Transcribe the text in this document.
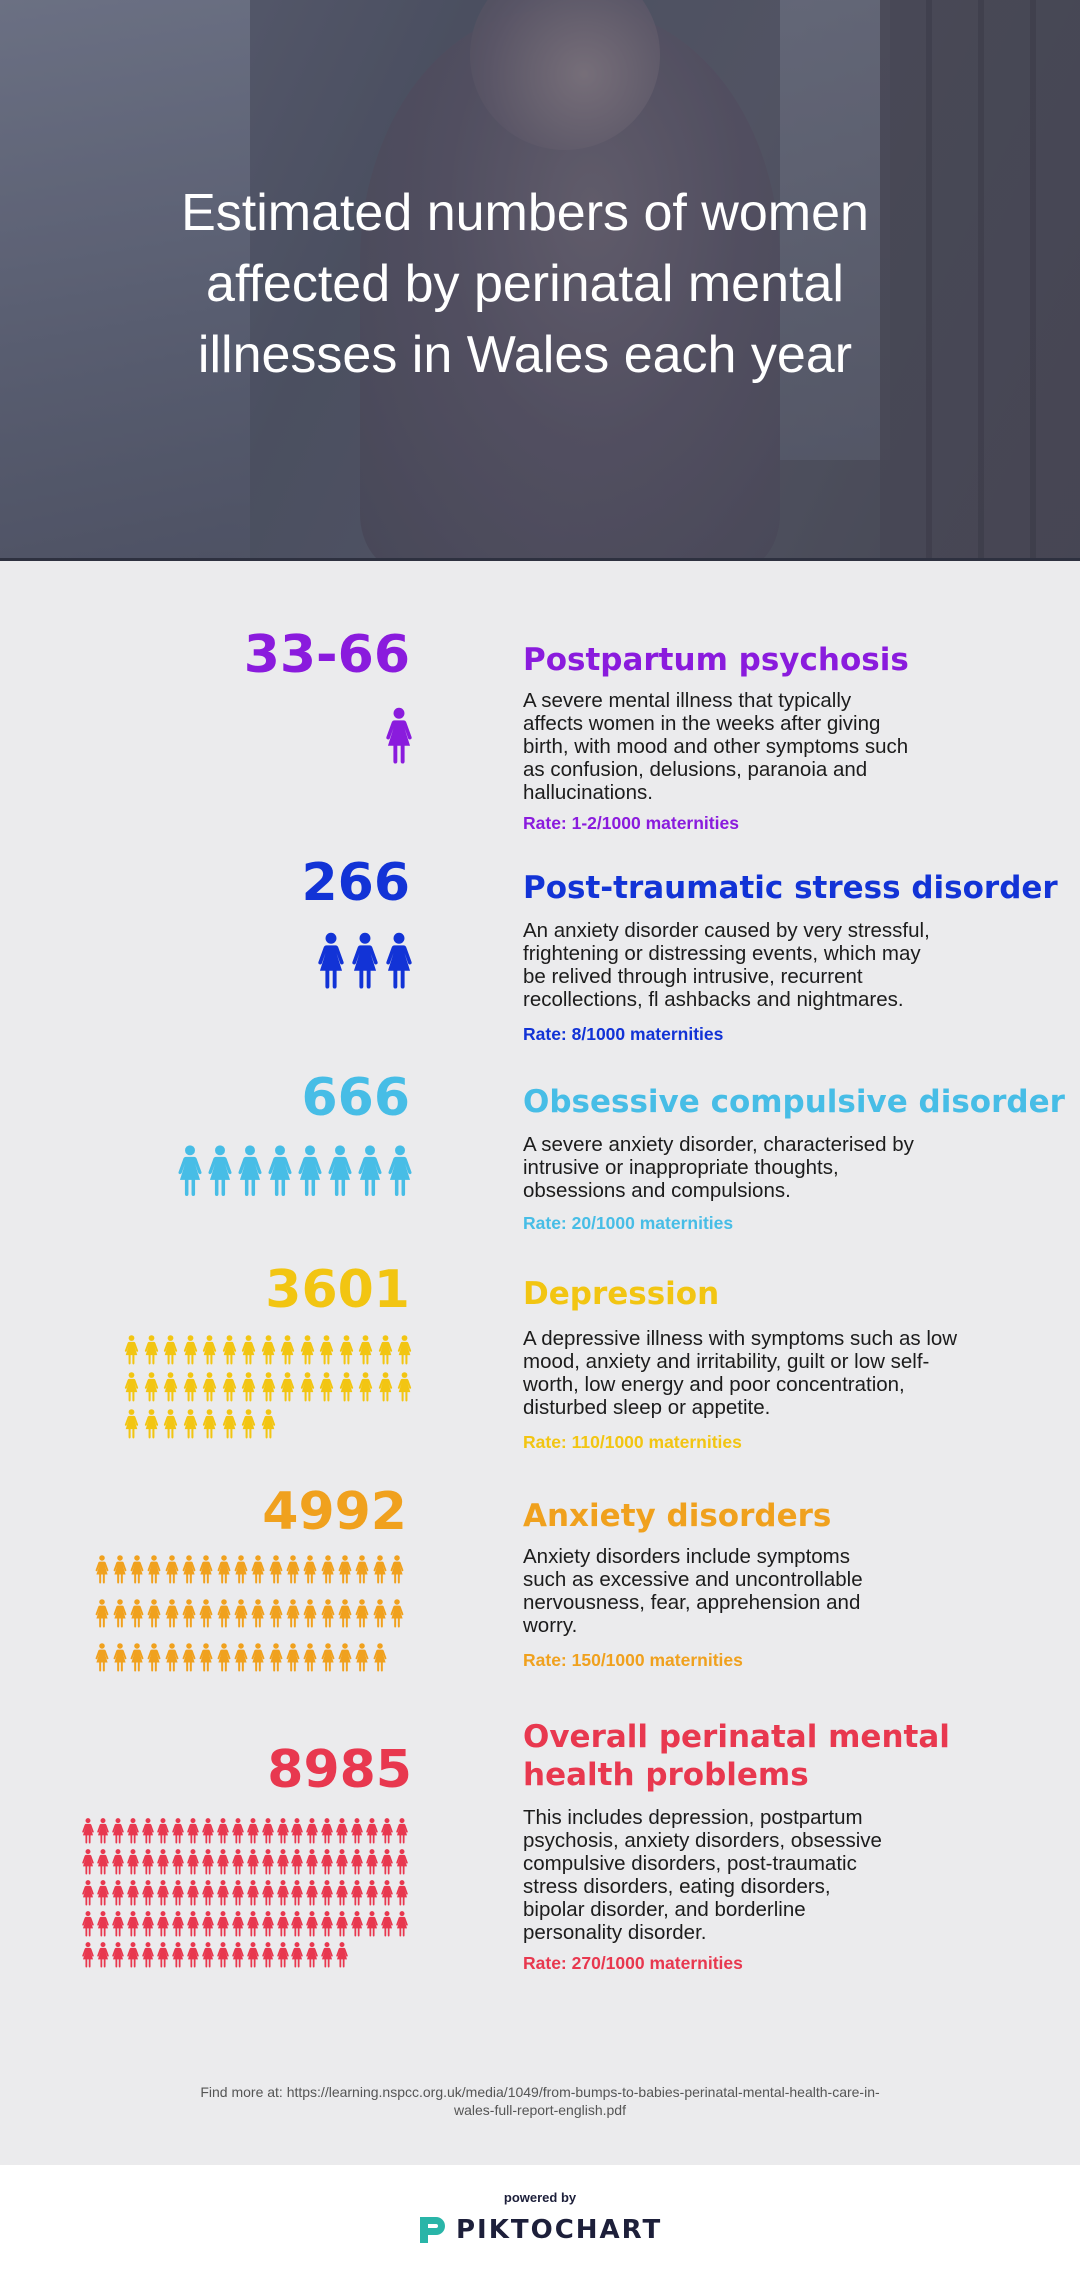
Estimated numbers of women affected by perinatal mental illnesses in Wales each year
33-66	Postpartum psychosis

A severe mental illness that typically affects women in the weeks after giving birth, with mood and other symptoms such as confusion, delusions, paranoia and hallucinations.

Rate: 1-2/1000 maternities
266	Post-traumatic stress disorder

An anxiety disorder caused by very stressful, frightening or distressing events, which may be relived through intrusive, recurrent recollections, fl ashbacks and nightmares.

Rate: 8/1000 maternities
666	Obsessive compulsive disorder

A severe anxiety disorder, characterised by intrusive or inappropriate thoughts, obsessions and compulsions.

Rate: 20/1000 maternities
3601	Depression

A depressive illness with symptoms such as low mood, anxiety and irritability, guilt or low self-worth, low energy and poor concentration, disturbed sleep or appetite.

Rate: 110/1000 maternities
4992	Anxiety disorders

Anxiety disorders include symptoms such as excessive and uncontrollable nervousness, fear, apprehension and worry.

Rate: 150/1000 maternities
8985
Overall perinatal mental health problems

This includes depression, postpartum psychosis, anxiety disorders, obsessive compulsive disorders, post-traumatic stress disorders, eating disorders, bipolar disorder, and borderline personality disorder.

Rate: 270/1000 maternities

Find more at: https://learning.nspcc.org.uk/media/1049/from-bumps-to-babies-perinatal-mental-health-care-in-wales-full-report-english.pdf

powered by
PIKTOCHART
